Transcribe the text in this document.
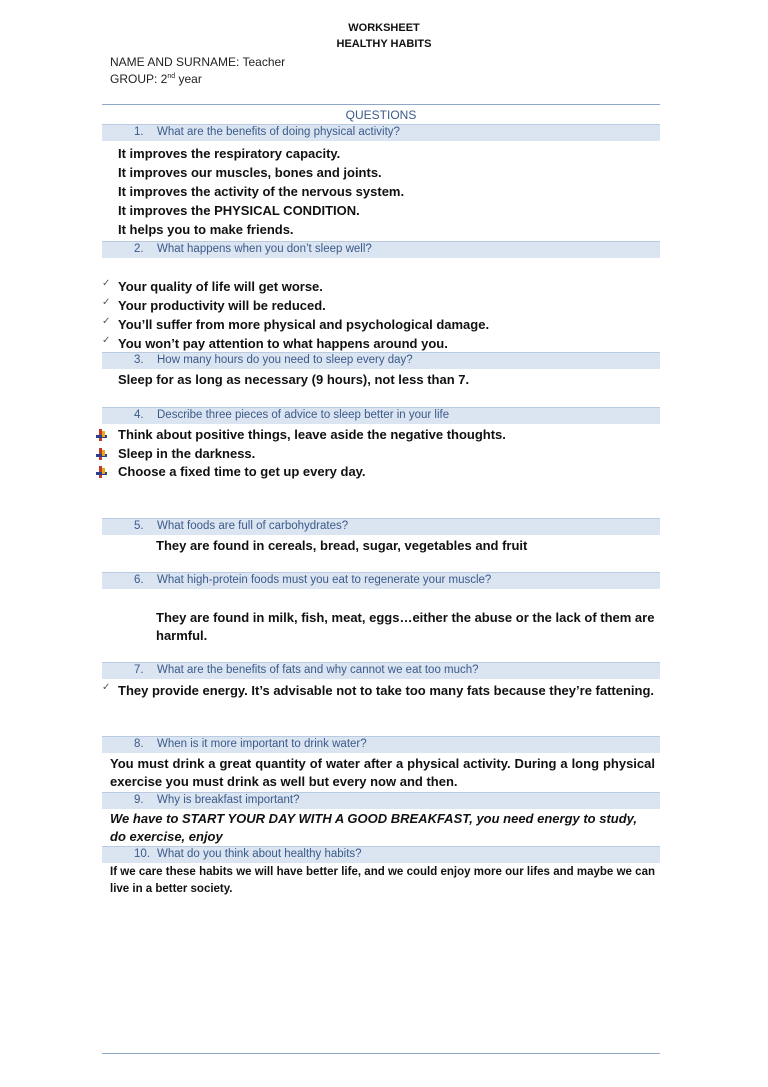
WORKSHEET
HEALTHY HABITS
NAME AND SURNAME: Teacher
GROUP: 2nd year
QUESTIONS
1. What are the benefits of doing physical activity?
It improves the respiratory capacity.
It improves our muscles, bones and joints.
It improves the activity of the nervous system.
It improves the PHYSICAL CONDITION.
It helps you to make friends.
2. What happens when you don’t sleep well?
✓ Your quality of life will get worse.
✓ Your productivity will be reduced.
✓ You’ll suffer from more physical and psychological damage.
✓ You won’t pay attention to what happens around you.
3. How many hours do you need to sleep every day?
Sleep for as long as necessary (9 hours), not less than 7.
4. Describe three pieces of advice to sleep better in your life
Think about positive things, leave aside the negative thoughts.
Sleep in the darkness.
Choose a fixed time to get up every day.
5. What foods are full of carbohydrates?
They are found in cereals, bread, sugar, vegetables and fruit
6. What high-protein foods must you eat to regenerate your muscle?
They are found in milk, fish, meat, eggs…either the abuse or the lack of them are harmful.
7. What are the benefits of fats and why cannot we eat too much?
✓ They provide energy. It’s advisable not to take too many fats because they’re fattening.
8. When is it more important to drink water?
You must drink a great quantity of water after a physical activity. During a long physical exercise you must drink as well but every now and then.
9. Why is breakfast important?
We have to START YOUR DAY WITH A GOOD BREAKFAST, you need energy to study, do exercise, enjoy
10. What do you think about healthy habits?
If we care these habits we will have better life, and we could enjoy more our lifes and maybe we can live in a better society.
